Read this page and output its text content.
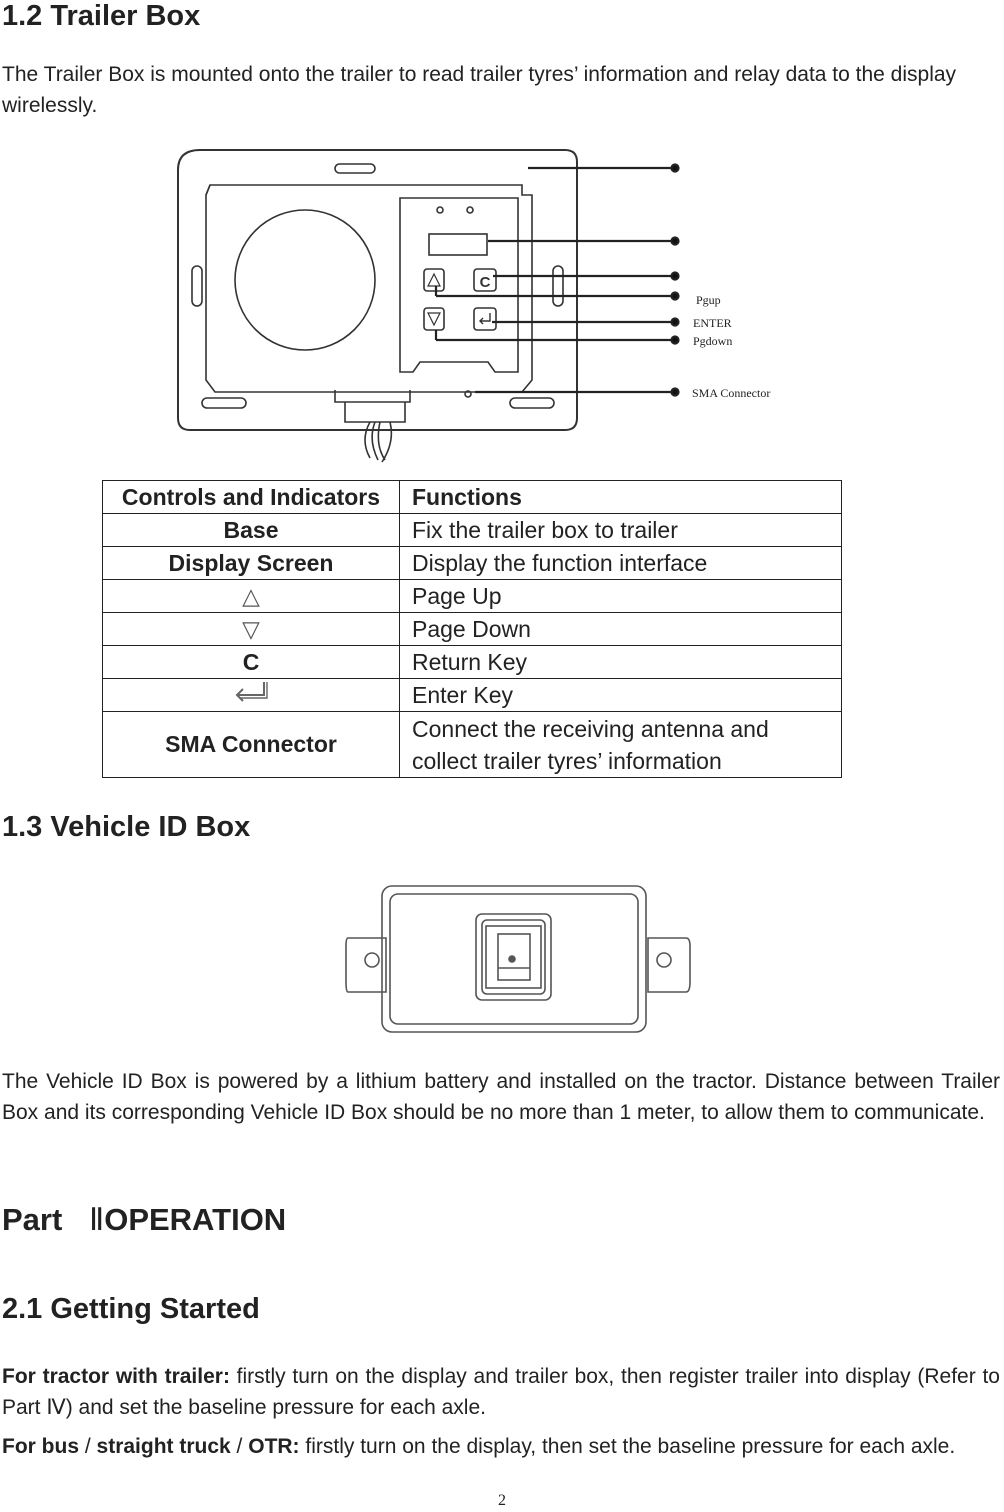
1.2 Trailer Box

The Trailer Box is mounted onto the trailer to read trailer tyres’ information and relay data to the display wirelessly.

C
Pgup
ENTER
Pgdown
SMA Connector
Controls and Indicators	Functions
Base	Fix the trailer box to trailer
Display Screen	Display the function interface
△	Page Up
▽	Page Down
C	Return Key
	Enter Key
SMA Connector	Connect the receiving antenna and
collect trailer tyres’ information
1.3 Vehicle ID Box

The Vehicle ID Box is powered by a lithium battery and installed on the tractor. Distance between Trailer Box and its corresponding Vehicle ID Box should be no more than 1 meter, to allow them to communicate.

Part ⅡOPERATION
2.1 Getting Started

For tractor with trailer: firstly turn on the display and trailer box, then register trailer into display (Refer to Part Ⅳ) and set the baseline pressure for each axle.

For bus / straight truck / OTR: firstly turn on the display, then set the baseline pressure for each axle.

2
